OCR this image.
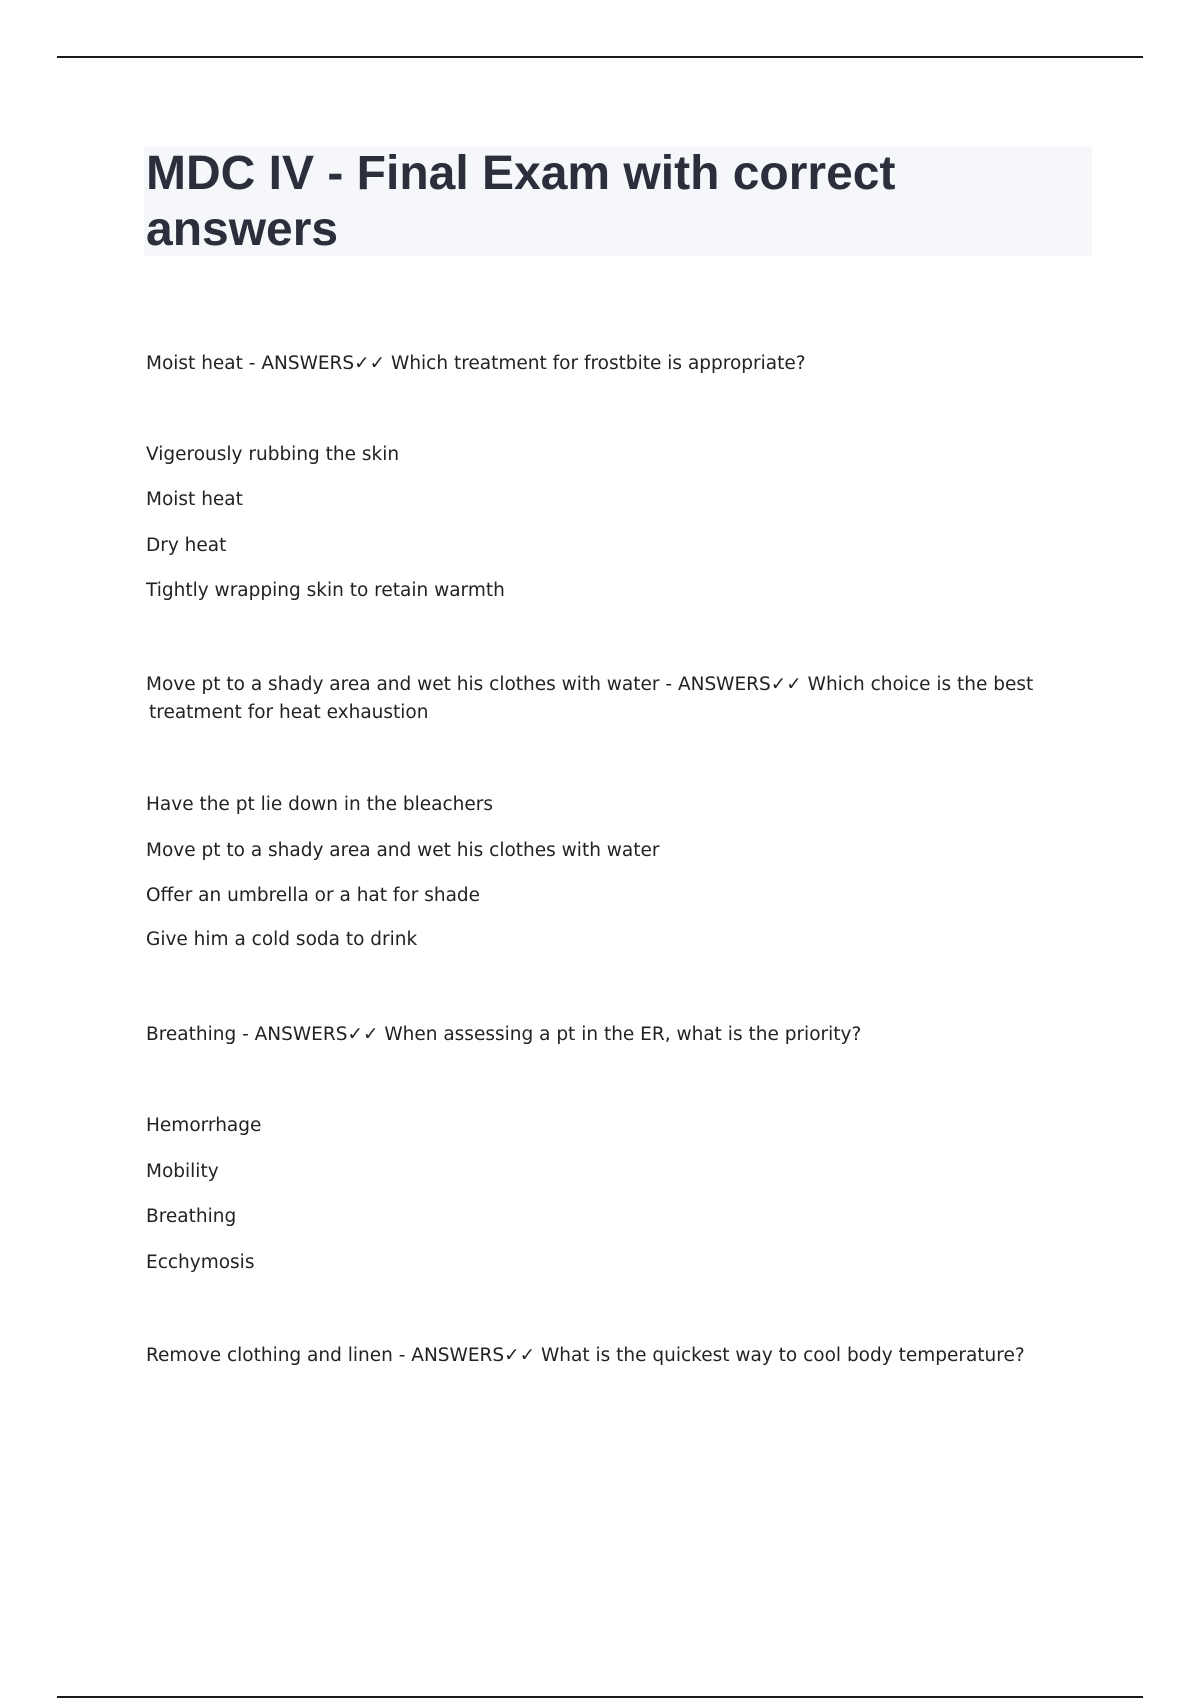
MDC IV - Final Exam with correct answers
Moist heat - ANSWERS✓✓ Which treatment for frostbite is appropriate?
Vigerously rubbing the skin
Moist heat
Dry heat
Tightly wrapping skin to retain warmth
Move pt to a shady area and wet his clothes with water - ANSWERS✓✓ Which choice is the best
treatment for heat exhaustion
Have the pt lie down in the bleachers
Move pt to a shady area and wet his clothes with water
Offer an umbrella or a hat for shade
Give him a cold soda to drink
Breathing - ANSWERS✓✓ When assessing a pt in the ER, what is the priority?
Hemorrhage
Mobility
Breathing
Ecchymosis
Remove clothing and linen - ANSWERS✓✓ What is the quickest way to cool body temperature?
